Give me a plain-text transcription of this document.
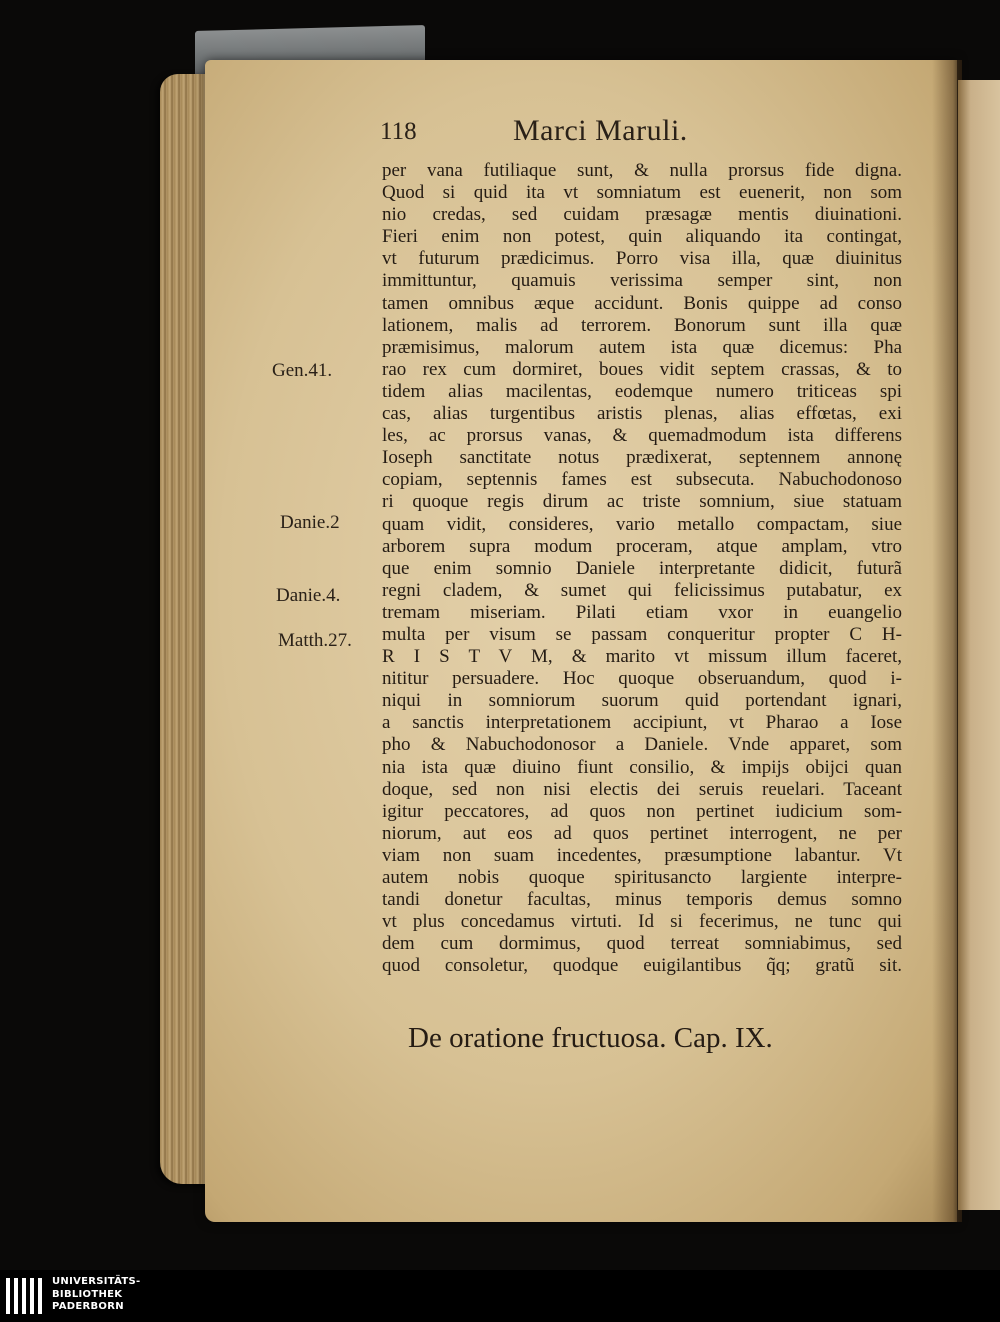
118	Marci Maruli.
per vana futiliaque sunt, & nulla prorsus fide digna.
Quod si quid ita vt somniatum est euenerit, non som
nio credas, sed cuidam præsagæ mentis diuinationi.
Fieri enim non potest, quin aliquando ita contingat,
vt futurum prædicimus. Porro visa illa, quæ diuinitus
immittuntur, quamuis verissima semper sint, non
tamen omnibus æque accidunt. Bonis quippe ad conso
lationem, malis ad terrorem. Bonorum sunt illa quæ
præmisimus, malorum autem ista quæ dicemus: Pha
rao rex cum dormiret, boues vidit septem crassas, & to
tidem alias macilentas, eodemque numero triticeas spi
cas, alias turgentibus aristis plenas, alias effœtas, exi
les, ac prorsus vanas, & quemadmodum ista differens
Ioseph sanctitate notus prædixerat, septennem annonę
copiam, septennis fames est subsecuta. Nabuchodonoso
ri quoque regis dirum ac triste somnium, siue statuam
quam vidit, consideres, vario metallo compactam, siue
arborem supra modum proceram, atque amplam, vtro
que enim somnio Daniele interpretante didicit, futurã
regni cladem, & sumet qui felicissimus putabatur, ex
tremam miseriam. Pilati etiam vxor in euangelio
multa per visum se passam conqueritur propter C H-
R I S T V M, & marito vt missum illum faceret,
nititur persuadere. Hoc quoque obseruandum, quod i-
niqui in somniorum suorum quid portendant ignari,
a sanctis interpretationem accipiunt, vt Pharao a Iose
pho & Nabuchodonosor a Daniele. Vnde apparet, som
nia ista quæ diuino fiunt consilio, & impijs obijci quan
doque, sed non nisi electis dei seruis reuelari. Taceant
igitur peccatores, ad quos non pertinet iudicium som-
niorum, aut eos ad quos pertinet interrogent, ne per
viam non suam incedentes, præsumptione labantur. Vt
autem nobis quoque spiritusancto largiente interpre-
tandi donetur facultas, minus temporis demus somno
vt plus concedamus virtuti. Id si fecerimus, ne tunc qui
dem cum dormimus, quod terreat somniabimus, sed
quod consoletur, quodque euigilantibus q̃q; gratũ sit.
De oratione fructuosa. Cap. IX.
Gen.41.
Danie.2
Danie.4.
Matth.27.
UNIVERSITÄTS-
BIBLIOTHEK
PADERBORN
